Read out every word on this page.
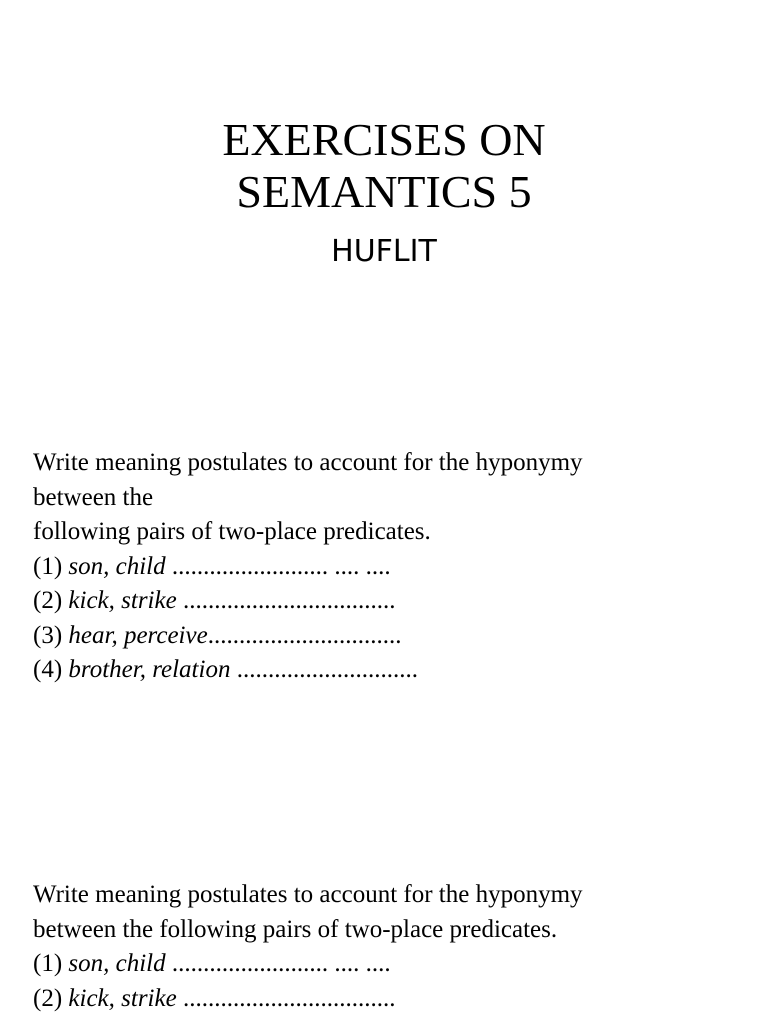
EXERCISES ON
SEMANTICS 5
HUFLIT
Write meaning postulates to account for the hyponymy
between the
following pairs of two-place predicates.
(1) son, child ......................... .... ....
(2) kick, strike ..................................
(3) hear, perceive...............................
(4) brother, relation .............................
Write meaning postulates to account for the hyponymy
between the following pairs of two-place predicates.
(1) son, child ......................... .... ....
(2) kick, strike ..................................
